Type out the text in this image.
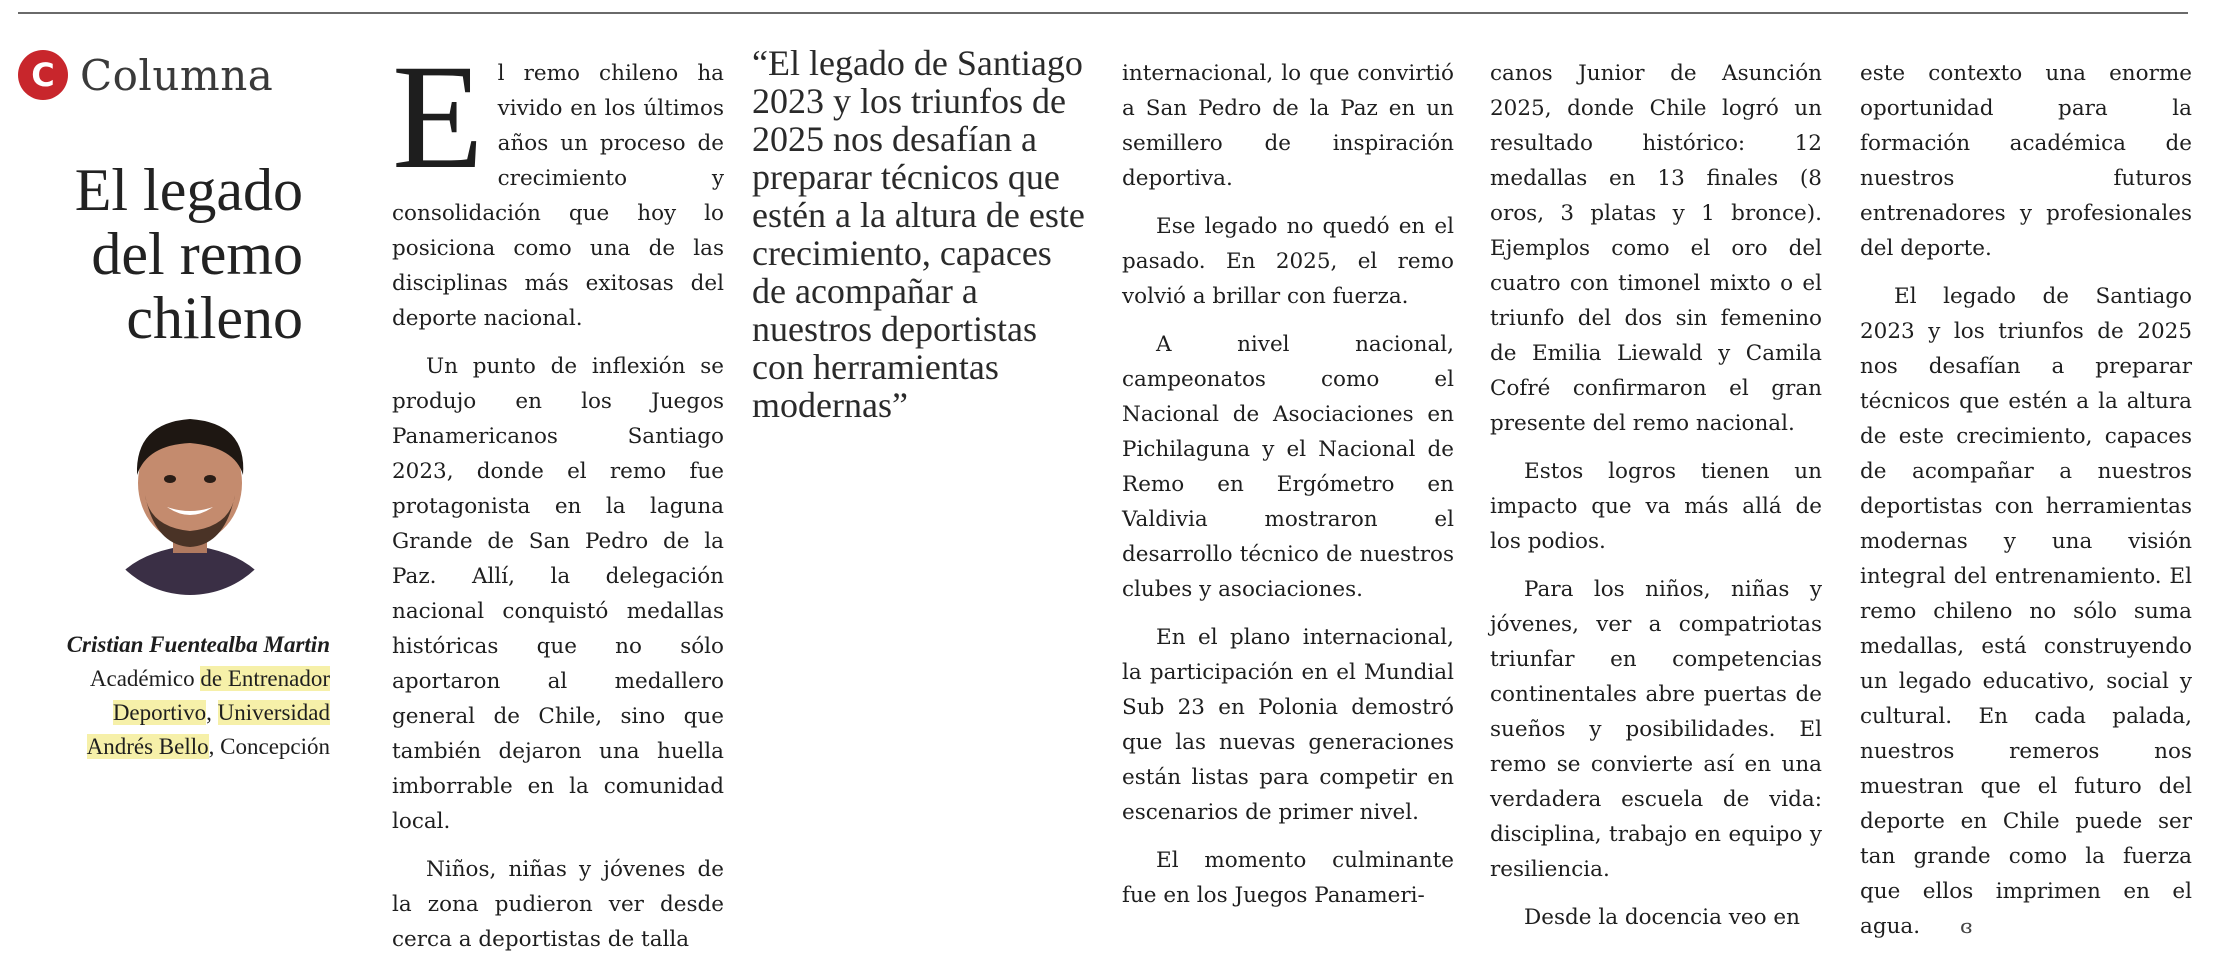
C Columna
El legado
del remo
chileno
Cristian Fuentealba Martin
Académico de Entrenador
Deportivo, Universidad
Andrés Bello, Concepción

El remo chileno ha vivido en los últimos años un proceso de crecimiento y consolidación que hoy lo posiciona como una de las disciplinas más exitosas del deporte nacional.

Un punto de inflexión se produjo en los Juegos Panamericanos Santiago 2023, donde el remo fue protagonista en la laguna Grande de San Pedro de la Paz. Allí, la delegación nacional conquistó medallas históricas que no sólo aportaron al medallero general de Chile, sino que también dejaron una huella imborrable en la comunidad local.

Niños, niñas y jóvenes de la zona pudieron ver desde cerca a deportistas de talla

“El legado de Santiago 2023 y los triunfos de 2025 nos desafían a preparar técnicos que estén a la altura de este crecimiento, capaces de acompañar a nuestros deportistas con herramientas modernas”

internacional, lo que convirtió a San Pedro de la Paz en un semillero de inspiración deportiva.

Ese legado no quedó en el pasado. En 2025, el remo volvió a brillar con fuerza.

A nivel nacional, campeonatos como el Nacional de Asociaciones en Pichilaguna y el Nacional de Remo en Ergómetro en Valdivia mostraron el desarrollo técnico de nuestros clubes y asociaciones.

En el plano internacional, la participación en el Mundial Sub 23 en Polonia demostró que las nuevas generaciones están listas para competir en escenarios de primer nivel.

El momento culminante fue en los Juegos Panameri-

canos Junior de Asunción 2025, donde Chile logró un resultado histórico: 12 medallas en 13 finales (8 oros, 3 platas y 1 bronce). Ejemplos como el oro del cuatro con timonel mixto o el triunfo del dos sin femenino de Emilia Liewald y Camila Cofré confirmaron el gran presente del remo nacional.

Estos logros tienen un impacto que va más allá de los podios.

Para los niños, niñas y jóvenes, ver a compatriotas triunfar en competencias continentales abre puertas de sueños y posibilidades. El remo se convierte así en una verdadera escuela de vida: disciplina, trabajo en equipo y resiliencia.

Desde la docencia veo en

este contexto una enorme oportunidad para la formación académica de nuestros futuros entrenadores y profesionales del deporte.

El legado de Santiago 2023 y los triunfos de 2025 nos desafían a preparar técnicos que estén a la altura de este crecimiento, capaces de acompañar a nuestros deportistas con herramientas modernas y una visión integral del entrenamiento. El remo chileno no sólo suma medallas, está construyendo un legado educativo, social y cultural. En cada palada, nuestros remeros nos muestran que el futuro del deporte en Chile puede ser tan grande como la fuerza que ellos imprimen en el agua. ɞ
